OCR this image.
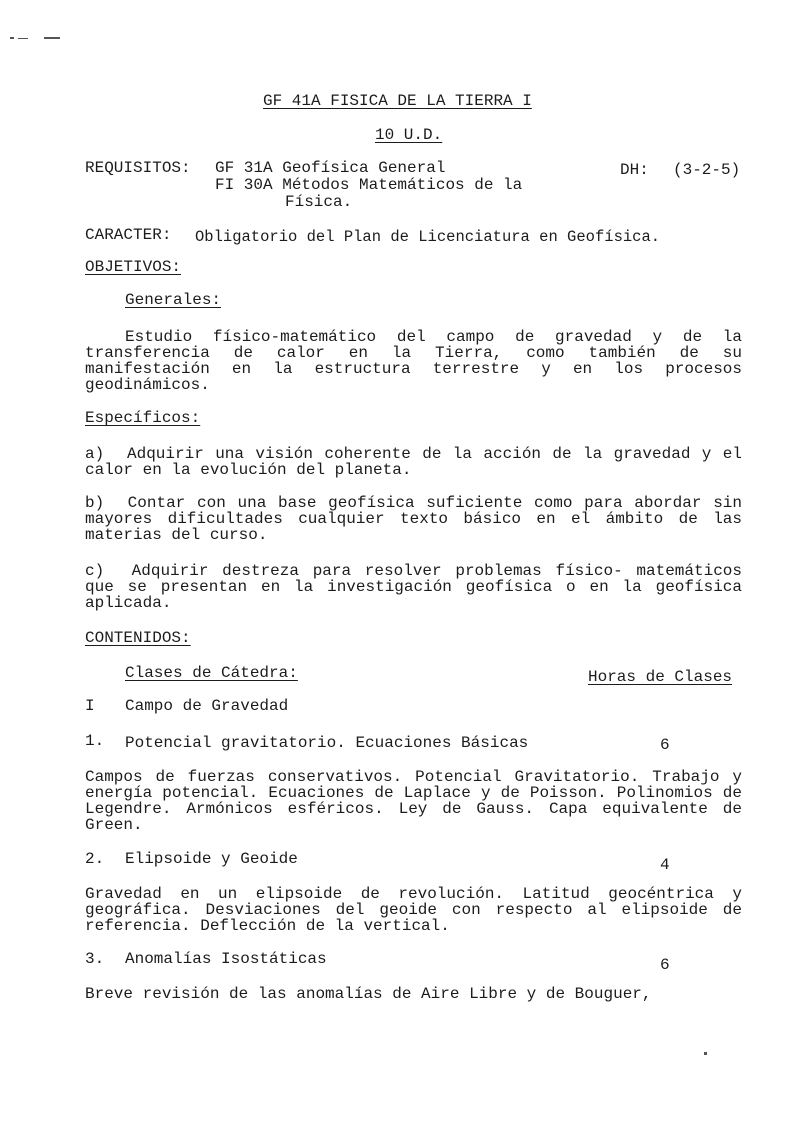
GF 41A FISICA DE LA TIERRA I
10 U.D.
REQUISITOS: GF 31A Geofísica General
FI 30A Métodos Matemáticos de la
Física.
DH: (3-2-5)
CARACTER: Obligatorio del Plan de Licenciatura en Geofísica.
OBJETIVOS:
Generales:
Estudio físico-matemático del campo de gravedad y de la transferencia de calor en la Tierra, como también de su manifestación en la estructura terrestre y en los procesos geodinámicos.
Específicos:
a) Adquirir una visión coherente de la acción de la gravedad y el calor en la evolución del planeta.
b) Contar con una base geofísica suficiente como para abordar sin mayores dificultades cualquier texto básico en el ámbito de las materias del curso.
c) Adquirir destreza para resolver problemas físico- matemáticos que se presentan en la investigación geofísica o en la geofísica aplicada.
CONTENIDOS:
Clases de Cátedra:	Horas de Clases
I Campo de Gravedad
1. Potencial gravitatorio. Ecuaciones Básicas	6
Campos de fuerzas conservativos. Potencial Gravitatorio. Trabajo y energía potencial. Ecuaciones de Laplace y de Poisson. Polinomios de Legendre. Armónicos esféricos. Ley de Gauss. Capa equivalente de Green.
2. Elipsoide y Geoide	4
Gravedad en un elipsoide de revolución. Latitud geocéntrica y geográfica. Desviaciones del geoide con respecto al elipsoide de referencia. Deflección de la vertical.
3. Anomalías Isostáticas	6
Breve revisión de las anomalías de Aire Libre y de Bouguer,
